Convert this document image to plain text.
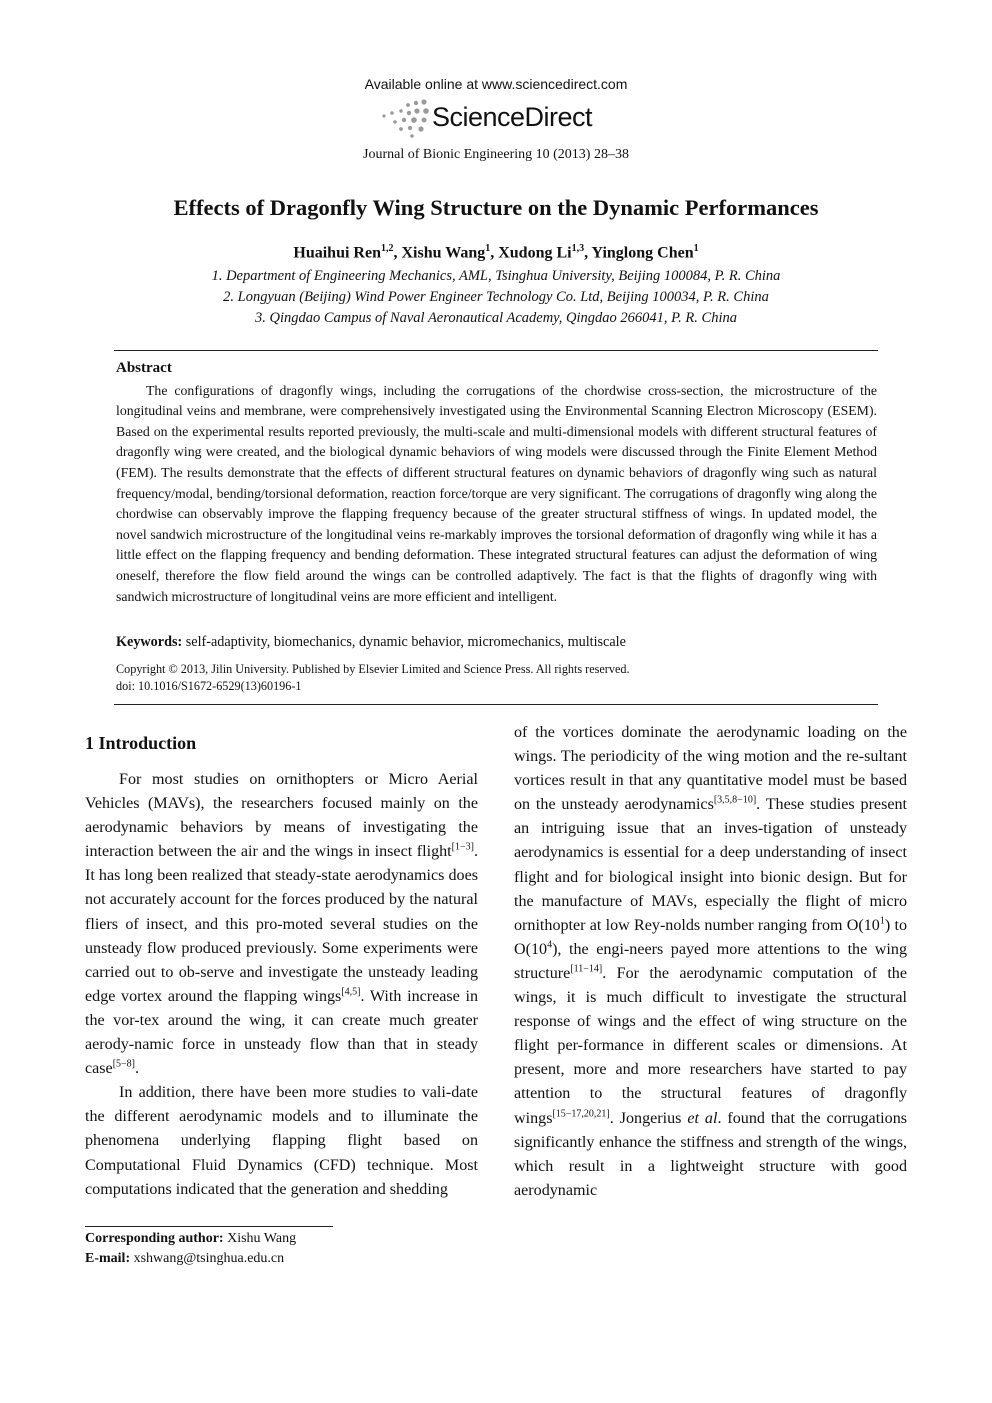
Available online at www.sciencedirect.com
ScienceDirect
Journal of Bionic Engineering 10 (2013) 28–38
Effects of Dragonfly Wing Structure on the Dynamic Performances
Huaihui Ren$^{1,2}$, Xishu Wang$^1$, Xudong Li$^{1,3}$, Yinglong Chen$^1$
1. Department of Engineering Mechanics, AML, Tsinghua University, Beijing 100084, P. R. China
2. Longyuan (Beijing) Wind Power Engineer Technology Co. Ltd, Beijing 100034, P. R. China
3. Qingdao Campus of Naval Aeronautical Academy, Qingdao 266041, P. R. China
Abstract

The configurations of dragonfly wings, including the corrugations of the chordwise cross-section, the microstructure of the longitudinal veins and membrane, were comprehensively investigated using the Environmental Scanning Electron Microscopy (ESEM). Based on the experimental results reported previously, the multi-scale and multi-dimensional models with different structural features of dragonfly wing were created, and the biological dynamic behaviors of wing models were discussed through the Finite Element Method (FEM). The results demonstrate that the effects of different structural features on dynamic behaviors of dragonfly wing such as natural frequency/modal, bending/torsional deformation, reaction force/torque are very significant. The corrugations of dragonfly wing along the chordwise can observably improve the flapping frequency because of the greater structural stiffness of wings. In updated model, the novel sandwich microstructure of the longitudinal veins re-markably improves the torsional deformation of dragonfly wing while it has a little effect on the flapping frequency and bending deformation. These integrated structural features can adjust the deformation of wing oneself, therefore the flow field around the wings can be controlled adaptively. The fact is that the flights of dragonfly wing with sandwich microstructure of longitudinal veins are more efficient and intelligent.

Keywords: self-adaptivity, biomechanics, dynamic behavior, micromechanics, multiscale
Copyright © 2013, Jilin University. Published by Elsevier Limited and Science Press. All rights reserved.
doi: 10.1016/S1672-6529(13)60196-1
1 Introduction

For most studies on ornithopters or Micro Aerial Vehicles (MAVs), the researchers focused mainly on the aerodynamic behaviors by means of investigating the interaction between the air and the wings in insect flight[1−3]. It has long been realized that steady-state aerodynamics does not accurately account for the forces produced by the natural fliers of insect, and this pro-moted several studies on the unsteady flow produced previously. Some experiments were carried out to ob-serve and investigate the unsteady leading edge vortex around the flapping wings[4,5]. With increase in the vor-tex around the wing, it can create much greater aerody-namic force in unsteady flow than that in steady case[5−8].

In addition, there have been more studies to vali-date the different aerodynamic models and to illuminate the phenomena underlying flapping flight based on Computational Fluid Dynamics (CFD) technique. Most computations indicated that the generation and shedding

of the vortices dominate the aerodynamic loading on the wings. The periodicity of the wing motion and the re-sultant vortices result in that any quantitative model must be based on the unsteady aerodynamics[3,5,8−10]. These studies present an intriguing issue that an inves-tigation of unsteady aerodynamics is essential for a deep understanding of insect flight and for biological insight into bionic design. But for the manufacture of MAVs, especially the flight of micro ornithopter at low Rey-nolds number ranging from $O(10^1)$ to $O(10^4)$, the engi-neers payed more attentions to the wing structure[11−14]. For the aerodynamic computation of the wings, it is much difficult to investigate the structural response of wings and the effect of wing structure on the flight per-formance in different scales or dimensions. At present, more and more researchers have started to pay attention to the structural features of dragonfly wings[15−17,20,21]. Jongerius et al. found that the corrugations significantly enhance the stiffness and strength of the wings, which result in a lightweight structure with good aerodynamic

Corresponding author: Xishu Wang
E-mail: xshwang@tsinghua.edu.cn
